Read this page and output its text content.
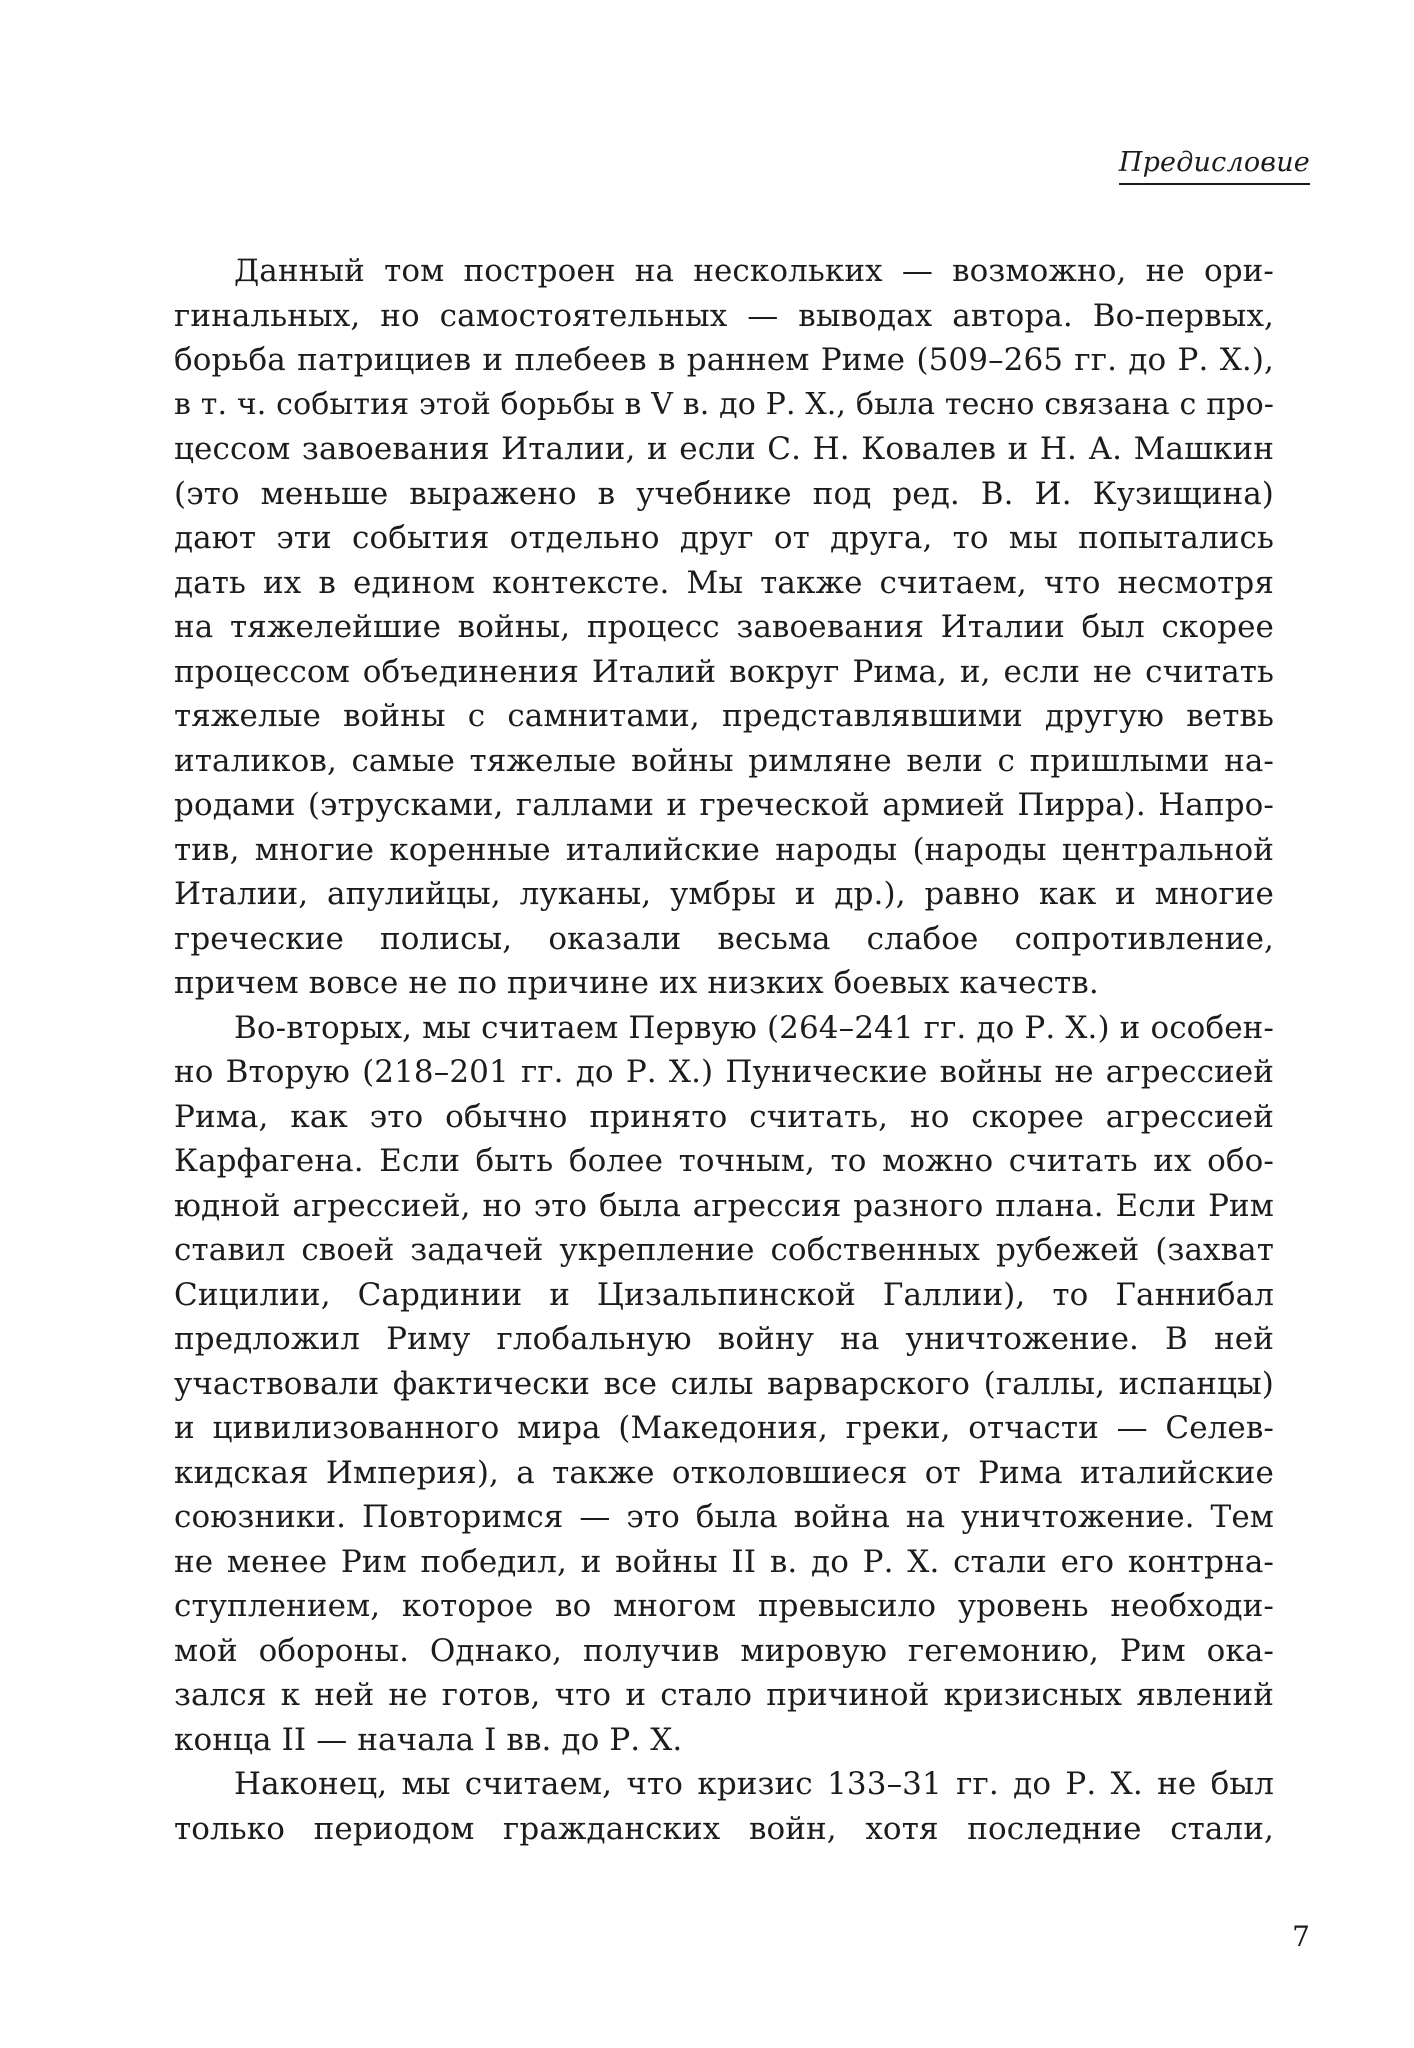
Предисловие
Данный том построен на нескольких — возможно, не ори-
гинальных, но самостоятельных — выводах автора. Во-первых,
борьба патрициев и плебеев в раннем Риме (509–265 гг. до Р. Х.),
в т. ч. события этой борьбы в V в. до Р. Х., была тесно связана с про-
цессом завоевания Италии, и если С. Н. Ковалев и Н. А. Машкин
(это меньше выражено в учебнике под ред. В. И. Кузищина)
дают эти события отдельно друг от друга, то мы попытались
дать их в едином контексте. Мы также считаем, что несмотря
на тяжелейшие войны, процесс завоевания Италии был скорее
процессом объединения Италий вокруг Рима, и, если не считать
тяжелые войны с самнитами, представлявшими другую ветвь
италиков, самые тяжелые войны римляне вели с пришлыми на-
родами (этрусками, галлами и греческой армией Пирра). Напро-
тив, многие коренные италийские народы (народы центральной
Италии, апулийцы, луканы, умбры и др.), равно как и многие
греческие полисы, оказали весьма слабое сопротивление,
причем вовсе не по причине их низких боевых качеств.
Во-вторых, мы считаем Первую (264–241 гг. до Р. Х.) и особен-
но Вторую (218–201 гг. до Р. Х.) Пунические войны не агрессией
Рима, как это обычно принято считать, но скорее агрессией
Карфагена. Если быть более точным, то можно считать их обо-
юдной агрессией, но это была агрессия разного плана. Если Рим
ставил своей задачей укрепление собственных рубежей (захват
Сицилии, Сардинии и Цизальпинской Галлии), то Ганнибал
предложил Риму глобальную войну на уничтожение. В ней
участвовали фактически все силы варварского (галлы, испанцы)
и цивилизованного мира (Македония, греки, отчасти — Селев-
кидская Империя), а также отколовшиеся от Рима италийские
союзники. Повторимся — это была война на уничтожение. Тем
не менее Рим победил, и войны II в. до Р. Х. стали его контрна-
ступлением, которое во многом превысило уровень необходи-
мой обороны. Однако, получив мировую гегемонию, Рим ока-
зался к ней не готов, что и стало причиной кризисных явлений
конца II — начала I вв. до Р. Х.
Наконец, мы считаем, что кризис 133–31 гг. до Р. Х. не был
только периодом гражданских войн, хотя последние стали,
7
